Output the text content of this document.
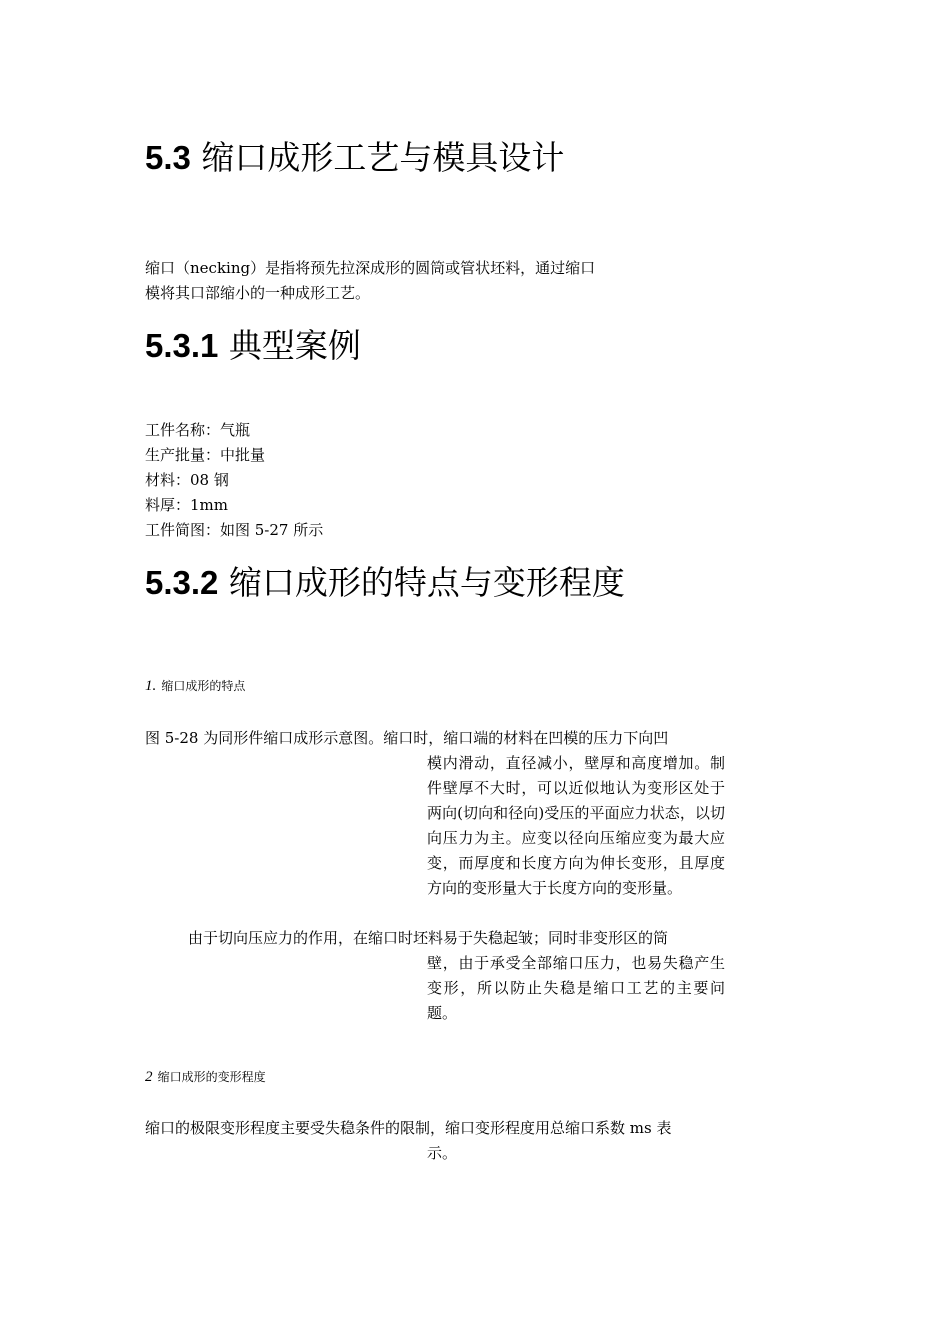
5.3 缩口成形工艺与模具设计
缩口（necking）是指将预先拉深成形的圆筒或管状坯料，通过缩口
模将其口部缩小的一种成形工艺。
5.3.1 典型案例
工件名称：气瓶
生产批量：中批量
材料：08 钢
料厚：1mm
工件简图：如图 5-27 所示
5.3.2 缩口成形的特点与变形程度
1. 缩口成形的特点
图 5-28 为同形件缩口成形示意图。缩口时，缩口端的材料在凹模的压力下向凹
模内滑动，直径减小，壁厚和高度增加。制件壁厚不大时，可以近似地认为变形区处于两向(切向和径向)受压的平面应力状态，以切向压力为主。应变以径向压缩应变为最大应变，而厚度和长度方向为伸长变形，且厚度方向的变形量大于长度方向的变形量。
由于切向压应力的作用，在缩口时坯料易于失稳起皱；同时非变形区的筒
壁，由于承受全部缩口压力，也易失稳产生变形，所以防止失稳是缩口工艺的主要问题。
2 缩口成形的变形程度
缩口的极限变形程度主要受失稳条件的限制，缩口变形程度用总缩口系数 ms 表
示。
